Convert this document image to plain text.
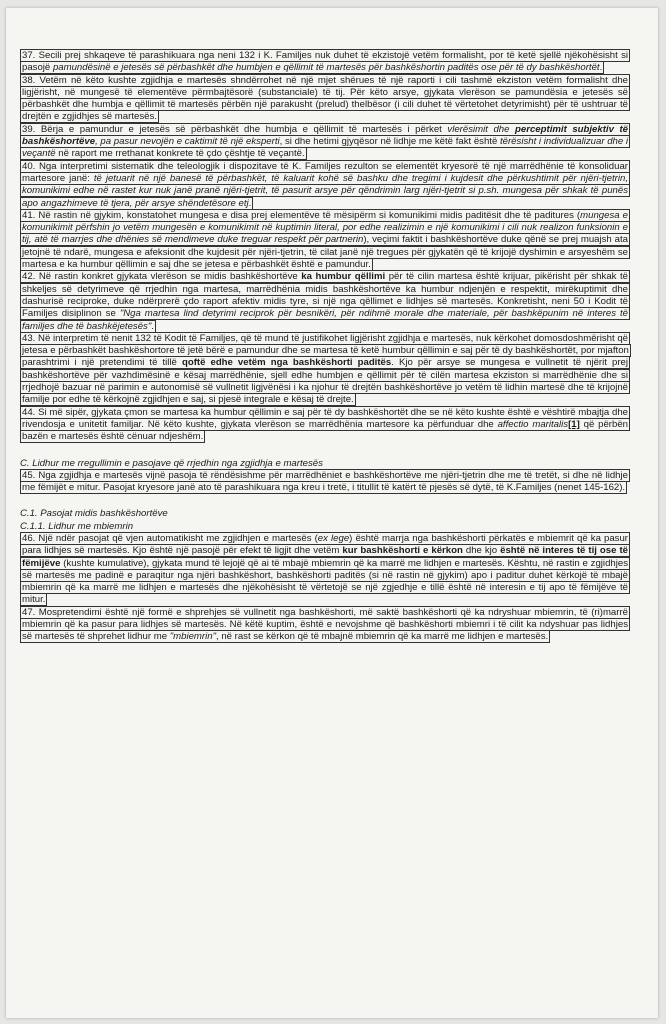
37. Secili prej shkaqeve të parashikuara nga neni 132 i K. Familjes nuk duhet të ekzistojë vetëm formalisht, por të ketë sjellë njëkohësisht si pasojë pamundësinë e jetesës së përbashkët dhe humbjen e qëllimit të martesës për bashkëshortin paditës ose për të dy bashkëshortët.

38. Vetëm në këto kushte zgjidhja e martesës shndërrohet në një mjet shërues të një raporti i cili tashmë ekziston vetëm formalisht dhe ligjërisht, në mungesë të elementëve përmbajtësorë (substanciale) të tij. Për këto arsye, gjykata vlerëson se pamundësia e jetesës së përbashkët dhe humbja e qëllimit të martesës përbën një parakusht (prelud) thelbësor (i cili duhet të vërtetohet detyrimisht) për të ushtruar të drejtën e zgjidhjes së martesës.

39. Bërja e pamundur e jetesës së përbashkët dhe humbja e qëllimit të martesës i përket vlerësimit dhe perceptimit subjektiv të bashkëshortëve, pa pasur nevojën e caktimit të një eksperti, si dhe hetimi gjyqësor në lidhje me këtë fakt është tërësisht i individualizuar dhe i veçantë në raport me rrethanat konkrete të çdo çështje të veçantë.

40. Nga interpretimi sistematik dhe teleologjik i dispozitave të K. Familjes rezulton se elementët kryesorë të një marrëdhënie të konsoliduar martesore janë: të jetuarit në një banesë të përbashkët, të kaluarit kohë së bashku dhe tregimi i kujdesit dhe përkushtimit për njëri-tjetrin, komunikimi edhe në rastet kur nuk janë pranë njëri-tjetrit, të pasurit arsye për qëndrimin larg njëri-tjetrit si p.sh. mungesa për shkak të punës apo angazhimeve të tjera, për arsye shëndetësore etj.

41. Në rastin në gjykim, konstatohet mungesa e disa prej elementëve të mësipërm si komunikimi midis paditësit dhe të paditures (mungesa e komunikimit përfshin jo vetëm mungesën e komunikimit në kuptimin literal, por edhe realizimin e një komunikimi i cili nuk realizon funksionin e tij, atë të marrjes dhe dhënies së mendimeve duke treguar respekt për partnerin), veçimi faktit i bashkëshortëve duke qënë se prej muajsh ata jetojnë të ndarë, mungesa e afeksionit dhe kujdesit për njëri-tjetrin, të cilat janë një tregues për gjykatën që të krijojë dyshimin e arsyeshëm se martesa e ka humbur qëllimin e saj dhe se jetesa e përbashkët është e pamundur.

42. Në rastin konkret gjykata vlerëson se midis bashkëshortëve ka humbur qëllimi për të cilin martesa është krijuar, pikërisht për shkak të shkeljes së detyrimeve që rrjedhin nga martesa, marrëdhënia midis bashkëshortëve ka humbur ndjenjën e respektit, mirëkuptimit dhe dashurisë reciproke, duke ndërprerë çdo raport afektiv midis tyre, si një nga qëllimet e lidhjes së martesës. Konkretisht, neni 50 i Kodit të Familjes disiplinon se "Nga martesa lind detyrimi reciprok për besnikëri, për ndihmë morale dhe materiale, për bashkëpunim në interes të familjes dhe të bashkëjetesës".

43. Në interpretim të nenit 132 të Kodit të Familjes, që të mund të justifikohet ligjërisht zgjidhja e martesës, nuk kërkohet domosdoshmërisht që jetesa e përbashkët bashkëshortore të jetë bërë e pamundur dhe se martesa të ketë humbur qëllimin e saj për të dy bashkëshortët, por mjafton parashtrimi i një pretendimi të tillë qoftë edhe vetëm nga bashkëshorti paditës. Kjo për arsye se mungesa e vullnetit të njërit prej bashkëshortëve për vazhdimësinë e kësaj marrëdhënie, sjell edhe humbjen e qëllimit për të cilën martesa ekziston si marrëdhënie dhe si rrjedhojë bazuar në parimin e autonomisë së vullnetit ligjvënësi i ka njohur të drejtën bashkëshortëve jo vetëm të lidhin martesë dhe të krijojnë familje por edhe të kërkojnë zgjidhjen e saj, si pjesë integrale e kësaj të drejte.

44. Si më sipër, gjykata çmon se martesa ka humbur qëllimin e saj për të dy bashkëshortët dhe se në këto kushte është e vështirë mbajtja dhe rivendosja e unitetit familjar. Në këto kushte, gjykata vlerëson se marrëdhënia martesore ka përfunduar dhe affectio maritalis[1] që përbën bazën e martesës është cënuar ndjeshëm.

C. Lidhur me rregullimin e pasojave që rrjedhin nga zgjidhja e martesës

45. Nga zgjidhja e martesës vijnë pasoja të rëndësishme për marrëdhëniet e bashkëshortëve me njëri-tjetrin dhe me të tretët, si dhe në lidhje me fëmijët e mitur. Pasojat kryesore janë ato të parashikuara nga kreu i tretë, i titullit të katërt të pjesës së dytë, të K.Familjes (nenet 145-162).

C.1. Pasojat midis bashkëshortëve

C.1.1. Lidhur me mbiemrin

46. Një ndër pasojat që vjen automatikisht me zgjidhjen e martesës (ex lege) është marrja nga bashkëshorti përkatës e mbiemrit që ka pasur para lidhjes së martesës. Kjo është një pasojë për efekt të ligjit dhe vetëm kur bashkëshorti e kërkon dhe kjo është në interes të tij ose të fëmijëve (kushte kumulative), gjykata mund të lejojë që ai të mbajë mbiemrin që ka marrë me lidhjen e martesës. Kështu, në rastin e zgjidhjes së martesës me padinë e paraqitur nga njëri bashkëshort, bashkëshorti paditës (si në rastin në gjykim) apo i paditur duhet kërkojë të mbajë mbiemrin që ka marrë me lidhjen e martesës dhe njëkohësisht të vërtetojë se një zgjedhje e tillë është në interesin e tij apo të fëmijëve të mitur.

47. Mospretendimi është një formë e shprehjes së vullnetit nga bashkëshorti, më saktë bashkëshorti që ka ndryshuar mbiemrin, të (ri)marrë mbiemrin që ka pasur para lidhjes së martesës. Në këtë kuptim, është e nevojshme që bashkëshorti mbiemri i të cilit ka ndyshuar pas lidhjes së martesës të shprehet lidhur me "mbiemrin", në rast se kërkon që të mbajnë mbiemrin që ka marrë me lidhjen e martesës.
